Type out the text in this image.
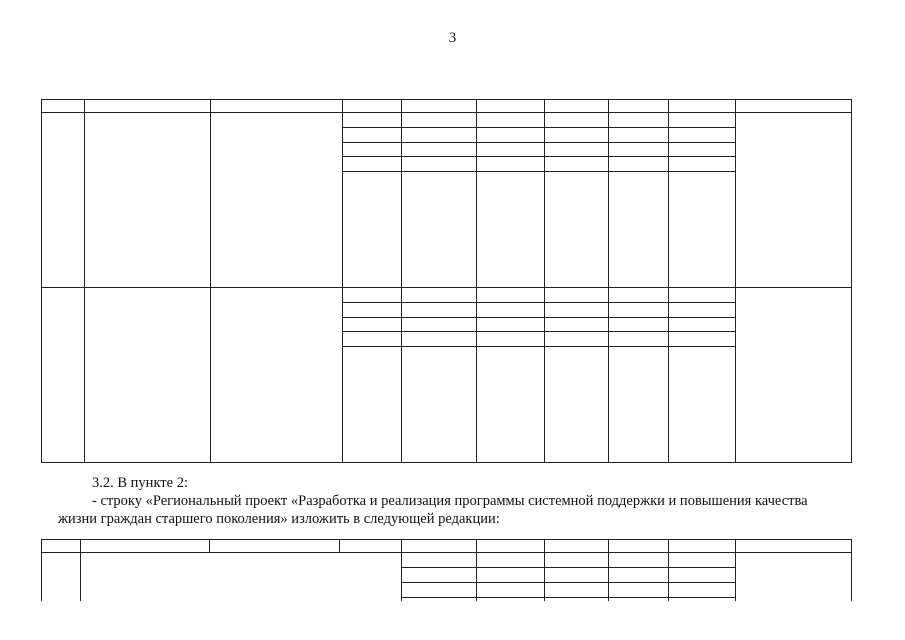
3
3.2. В пункте 2:
- строку «Региональный проект «Разработка и реализация программы системной поддержки и повышения качества
жизни граждан старшего поколения» изложить в следующей редакции:
